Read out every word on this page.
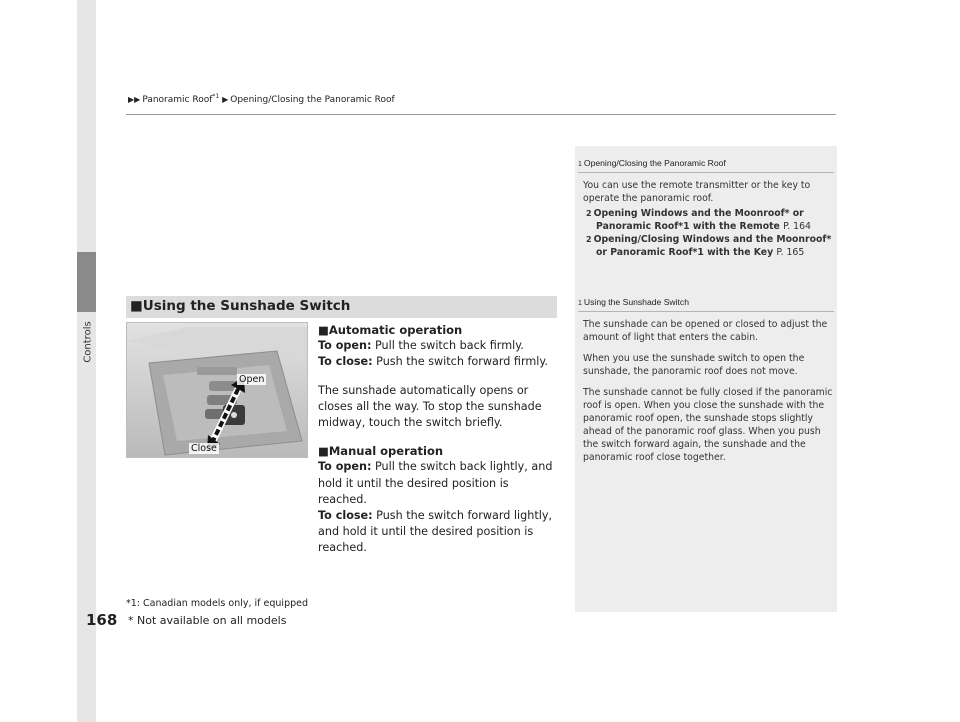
Controls
168
▶▶ Panoramic Roof$^{*1}$ ▶ Opening/Closing the Panoramic Roof
1 Opening/Closing the Panoramic Roof

You can use the remote transmitter or the key to operate the panoramic roof.

2 Opening Windows and the Moonroof* or Panoramic Roof*1 with the Remote P. 164
2 Opening/Closing Windows and the Moonroof* or Panoramic Roof*1 with the Key P. 165
1 Using the Sunshade Switch

The sunshade can be opened or closed to adjust the amount of light that enters the cabin.

When you use the sunshade switch to open the sunshade, the panoramic roof does not move.

The sunshade cannot be fully closed if the panoramic roof is open. When you close the sunshade with the panoramic roof open, the sunshade stops slightly ahead of the panoramic roof glass. When you push the switch forward again, the sunshade and the panoramic roof close together.

■Using the Sunshade Switch
Open
Close
■Automatic operation
To open: Pull the switch back firmly.
To close: Push the switch forward firmly.
The sunshade automatically opens or closes all the way. To stop the sunshade midway, touch the switch briefly.
■Manual operation
To open: Pull the switch back lightly, and hold it until the desired position is reached.
To close: Push the switch forward lightly, and hold it until the desired position is reached.
*1: Canadian models only, if equipped
* Not available on all models
